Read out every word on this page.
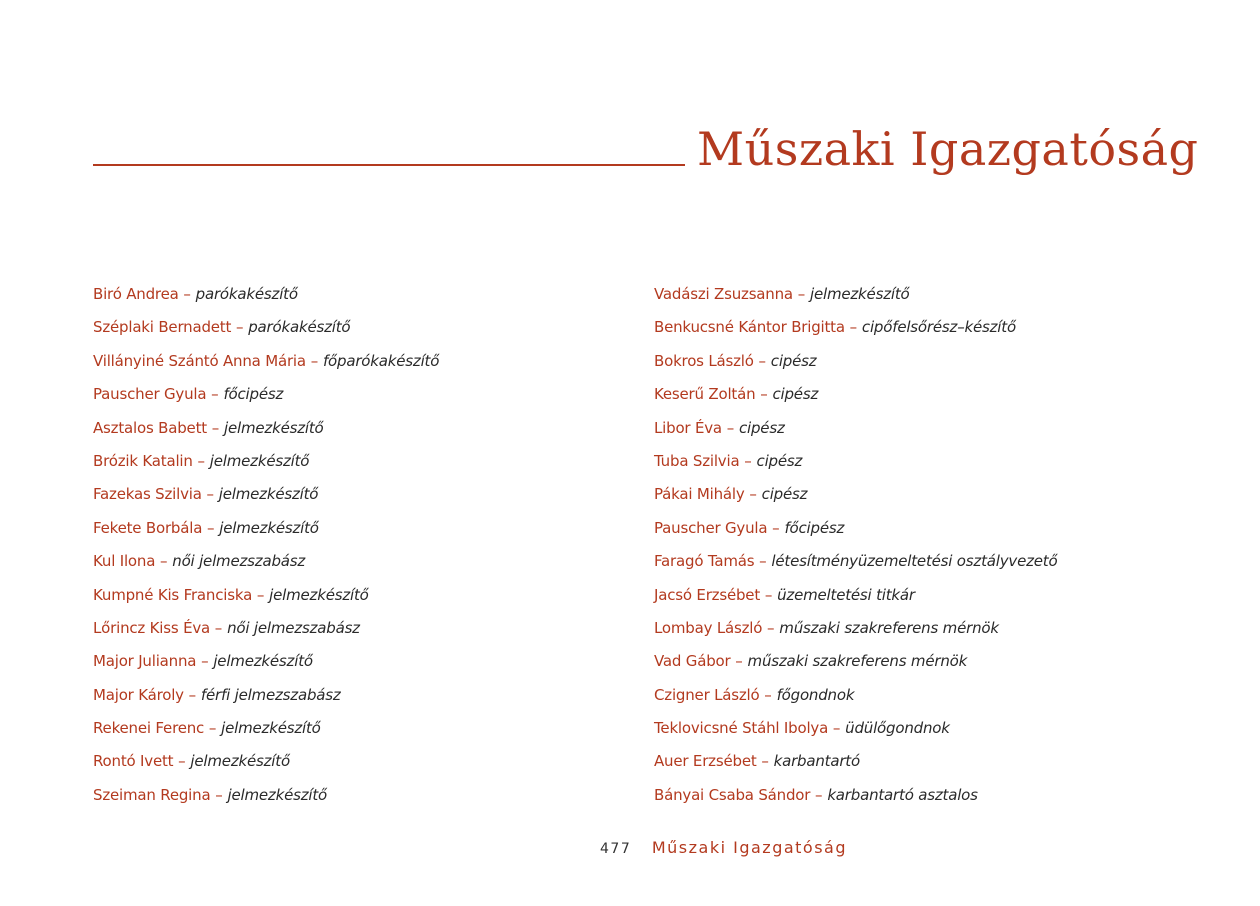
Műszaki Igazgatóság
Biró Andrea – parókakészítő
Széplaki Bernadett – parókakészítő
Villányiné Szántó Anna Mária – főparókakészítő
Pauscher Gyula – főcipész
Asztalos Babett – jelmezkészítő
Brózik Katalin – jelmezkészítő
Fazekas Szilvia – jelmezkészítő
Fekete Borbála – jelmezkészítő
Kul Ilona – női jelmezszabász
Kumpné Kis Franciska – jelmezkészítő
Lőrincz Kiss Éva – női jelmezszabász
Major Julianna – jelmezkészítő
Major Károly – férfi jelmezszabász
Rekenei Ferenc – jelmezkészítő
Rontó Ivett – jelmezkészítő
Szeiman Regina – jelmezkészítő
Vadászi Zsuzsanna – jelmezkészítő
Benkucsné Kántor Brigitta – cipőfelsőrész–készítő
Bokros László – cipész
Keserű Zoltán – cipész
Libor Éva – cipész
Tuba Szilvia – cipész
Pákai Mihály – cipész
Pauscher Gyula – főcipész
Faragó Tamás – létesítményüzemeltetési osztályvezető
Jacsó Erzsébet – üzemeltetési titkár
Lombay László – műszaki szakreferens mérnök
Vad Gábor – műszaki szakreferens mérnök
Czigner László – főgondnok
Teklovicsné Stáhl Ibolya – üdülőgondnok
Auer Erzsébet – karbantartó
Bányai Csaba Sándor – karbantartó asztalos
477 Műszaki Igazgatóság
